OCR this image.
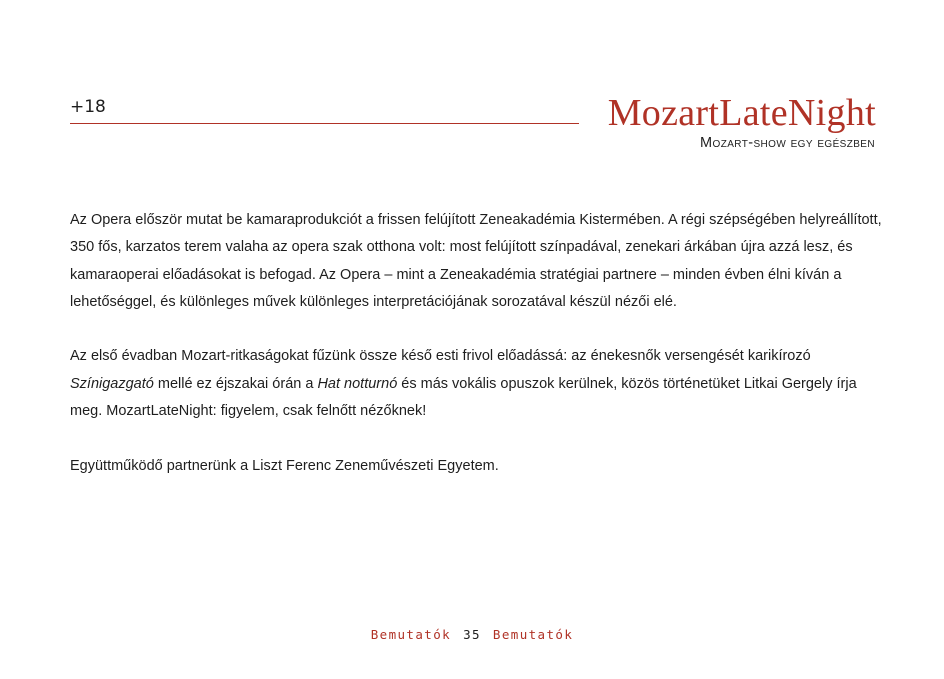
+18	MozartLateNight
Mozart-show egy egészben

Az Opera először mutat be kamaraprodukciót a frissen felújított Zeneakadémia Kistermében. A régi szépségében helyreállított, 350 fős, karzatos terem valaha az opera szak otthona volt: most felújított színpadával, zenekari árkában újra azzá lesz, és kamaraoperai előadásokat is befogad. Az Opera – mint a Zeneakadémia stratégiai partnere – minden évben élni kíván a lehetőséggel, és különleges művek különleges interpretációjának sorozatával készül nézői elé.

Az első évadban Mozart-ritkaságokat fűzünk össze késő esti frivol előadássá: az énekesnők versengését karikírozó Színigazgató mellé ez éjszakai órán a Hat notturnó és más vokális opuszok kerülnek, közös történetüket Litkai Gergely írja meg. MozartLateNight: figyelem, csak felnőtt nézőknek!

Együttműködő partnerünk a Liszt Ferenc Zeneművészeti Egyetem.

Bemutatók 35 Bemutatók
